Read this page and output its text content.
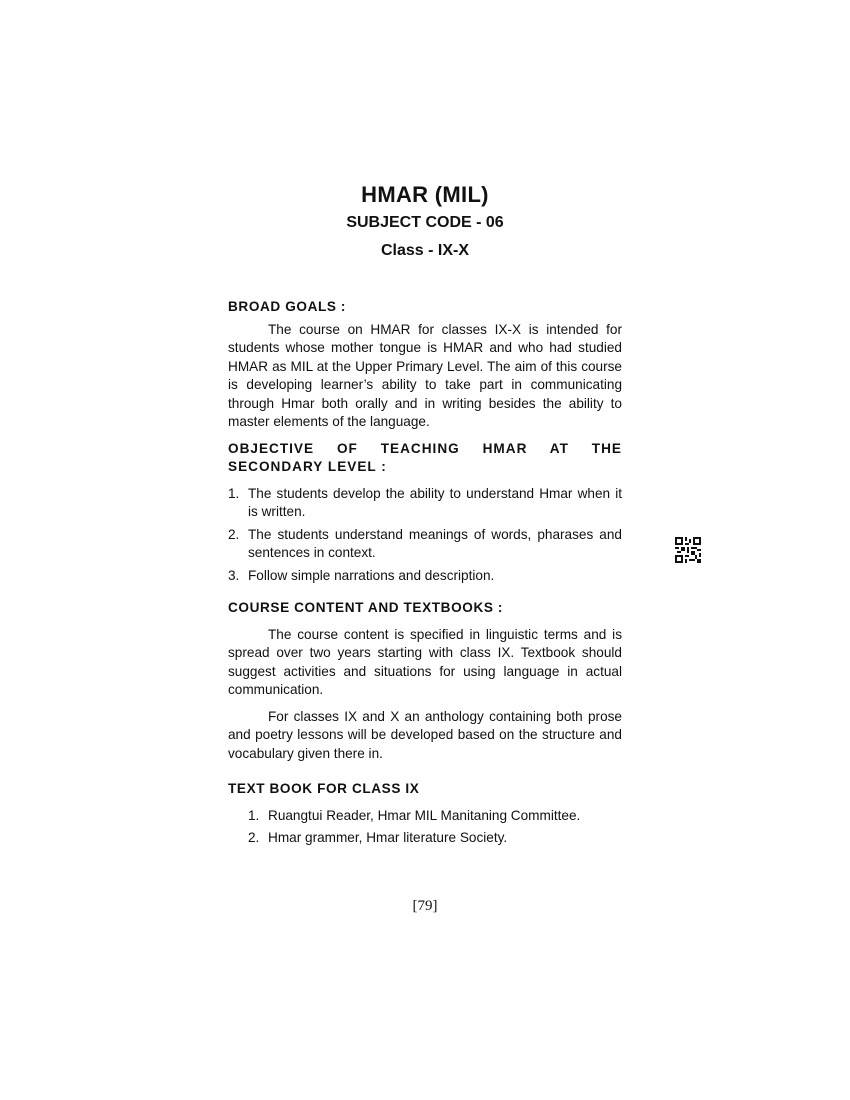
HMAR (MIL)
SUBJECT CODE - 06
Class - IX-X
BROAD GOALS :
The course on HMAR for classes IX-X is intended for students whose mother tongue is HMAR and who had studied HMAR as MIL at the Upper Primary Level. The aim of this course is developing learner’s ability to take part in communicating through Hmar both orally and in writing besides the ability to master elements of the language.
OBJECTIVE OF TEACHING HMAR AT THE SECONDARY LEVEL :
1. The students develop the ability to understand Hmar when it is written.
2. The students understand meanings of words, pharases and sentences in context.
3. Follow simple narrations and description.
COURSE CONTENT AND TEXTBOOKS :
The course content is specified in linguistic terms and is spread over two years starting with class IX. Textbook should suggest activities and situations for using language in actual communication.
For classes IX and X an anthology containing both prose and poetry lessons will be developed based on the structure and vocabulary given there in.
TEXT BOOK FOR CLASS IX
1. Ruangtui Reader, Hmar MIL Manitaning Committee.
2. Hmar grammer, Hmar literature Society.
[79]
